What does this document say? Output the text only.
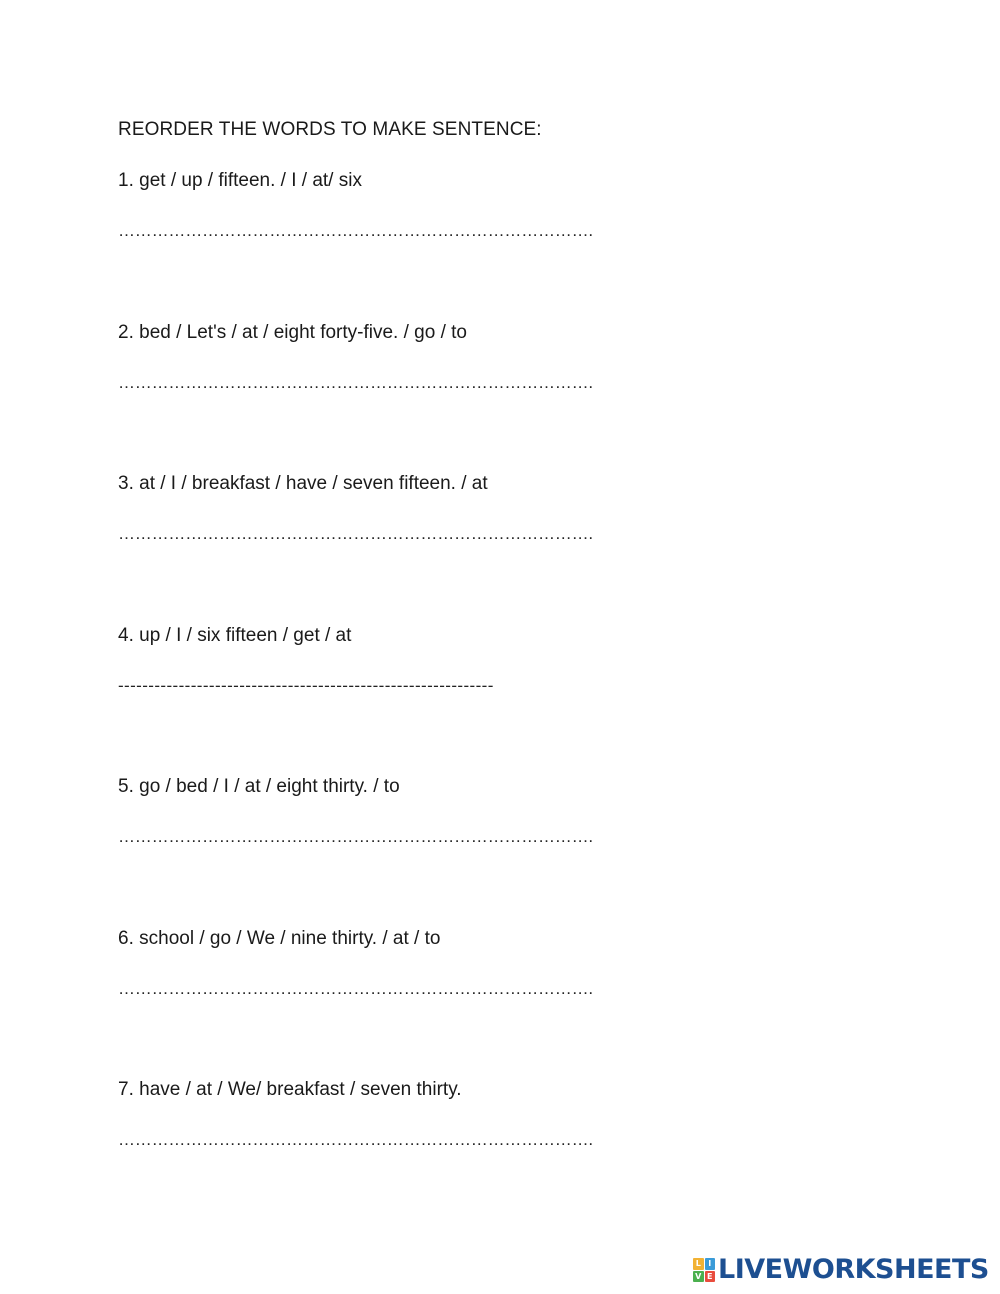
REORDER THE WORDS TO MAKE SENTENCE:
1. get / up / fifteen. / I / at/ six
………………………………………………………………………….
2. bed / Let's / at / eight forty-five. / go / to
………………………………………………………………………….
3. at / I / breakfast / have / seven fifteen. / at
………………………………………………………………………….
4. up / I / six fifteen / get / at
--------------------------------------------------------------
5. go / bed / I / at / eight thirty. / to
………………………………………………………………………….
6. school / go / We / nine thirty. / at / to
………………………………………………………………………….
7. have / at / We/ breakfast / seven thirty.
………………………………………………………………………….
L I
V E LIVEWORKSHEETS
